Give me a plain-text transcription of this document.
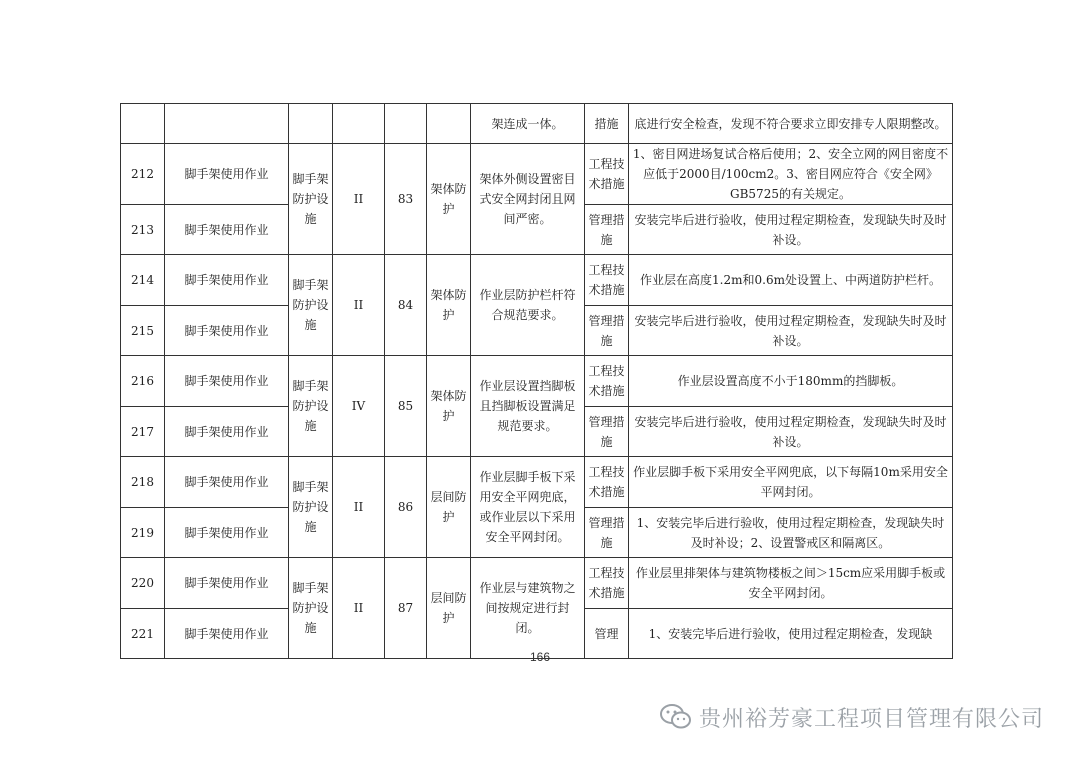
						架连成一体。	措施	底进行安全检查，发现不符合要求立即安排专人限期整改。
212	脚手架使用作业	脚手架防护设施	II	83	架体防护	架体外侧设置密目式安全网封闭且网间严密。	工程技术措施	1、密目网进场复试合格后使用；2、安全立网的网目密度不应低于2000目/100cm2。3、密目网应符合《安全网》GB5725的有关规定。
213	脚手架使用作业						管理措施	安装完毕后进行验收，使用过程定期检查，发现缺失时及时补设。
214	脚手架使用作业	脚手架防护设施	II	84	架体防护	作业层防护栏杆符合规范要求。	工程技术措施	作业层在高度1.2m和0.6m处设置上、中两道防护栏杆。
215	脚手架使用作业						管理措施	安装完毕后进行验收，使用过程定期检查，发现缺失时及时补设。
216	脚手架使用作业	脚手架防护设施	IV	85	架体防护	作业层设置挡脚板且挡脚板设置满足规范要求。	工程技术措施	作业层设置高度不小于180mm的挡脚板。
217	脚手架使用作业						管理措施	安装完毕后进行验收，使用过程定期检查，发现缺失时及时补设。
218	脚手架使用作业	脚手架防护设施	II	86	层间防护	作业层脚手板下采用安全平网兜底，或作业层以下采用安全平网封闭。	工程技术措施	作业层脚手板下采用安全平网兜底，以下每隔10m采用安全平网封闭。
219	脚手架使用作业						管理措施	1、安装完毕后进行验收，使用过程定期检查，发现缺失时及时补设；2、设置警戒区和隔离区。
220	脚手架使用作业	脚手架防护设施	II	87	层间防护	作业层与建筑物之间按规定进行封闭。	工程技术措施	作业层里排架体与建筑物楼板之间＞15cm应采用脚手板或安全平网封闭。
221	脚手架使用作业						管理	1、安装完毕后进行验收，使用过程定期检查，发现缺
166
贵州裕芳豪工程项目管理有限公司
